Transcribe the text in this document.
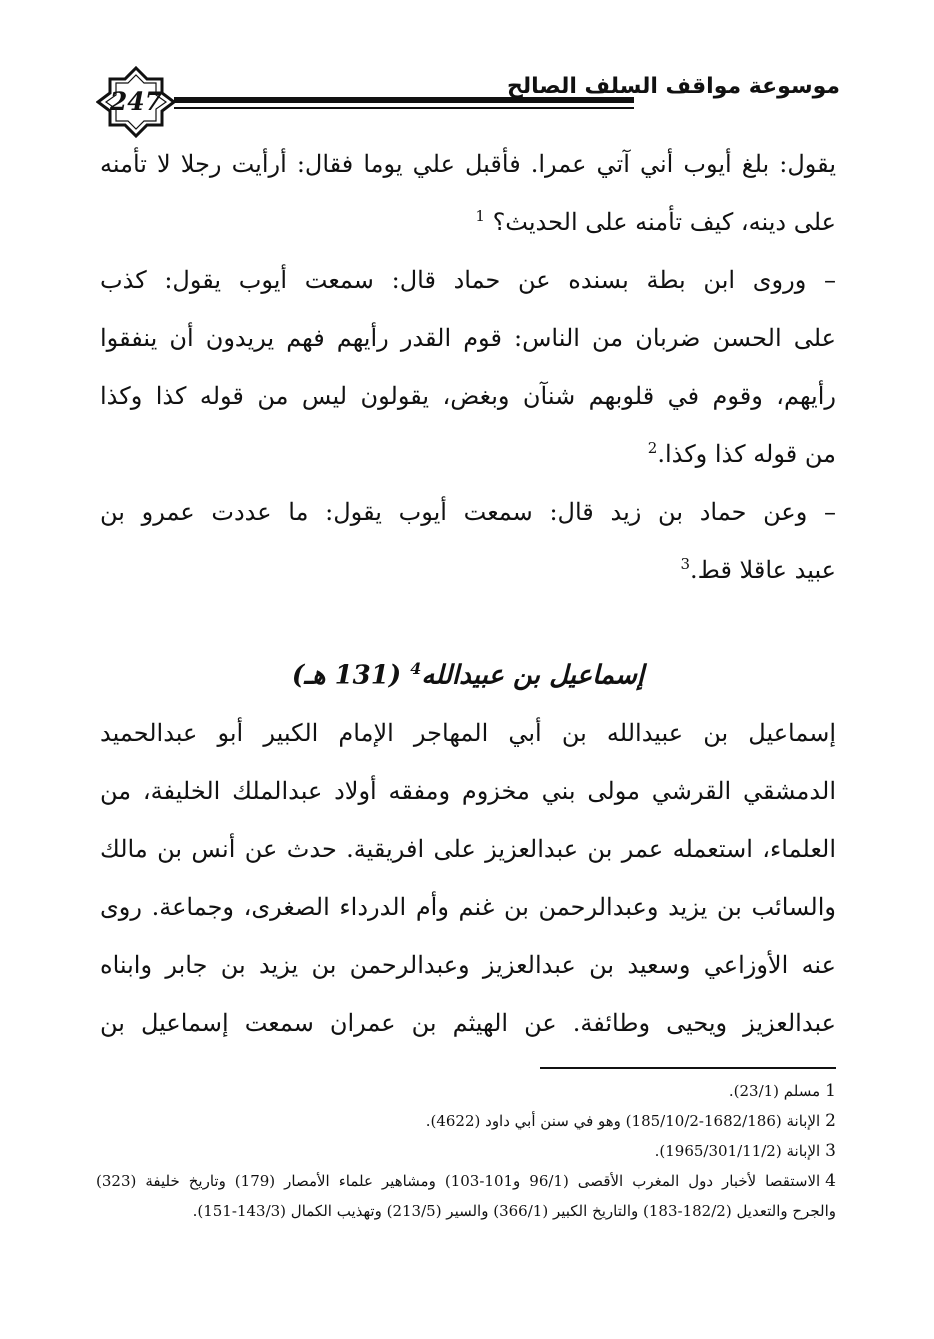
247
موسوعة مواقف السلف الصالح
يقول: بلغ أيوب أني آتي عمرا. فأقبل علي يوما فقال: أرأيت رجلا لا تأمنه
على دينه، كيف تأمنه على الحديث؟ $^1$
– وروى ابن بطة بسنده عن حماد قال: سمعت أيوب يقول: كذب
على الحسن ضربان من الناس: قوم القدر رأيهم فهم يريدون أن ينفقوا
رأيهم، وقوم في قلوبهم شنآن وبغض، يقولون ليس من قوله كذا وكذا
من قوله كذا وكذا.$^2$
– وعن حماد بن زيد قال: سمعت أيوب يقول: ما عددت عمرو بن
عبيد عاقلا قط.$^3$
إسماعيل بن عبيدالله$^4$ (131 هـ)
إسماعيل بن عبيدالله بن أبي المهاجر الإمام الكبير أبو عبدالحميد
الدمشقي القرشي مولى بني مخزوم ومفقه أولاد عبدالملك الخليفة، من
العلماء، استعمله عمر بن عبدالعزيز على افريقية. حدث عن أنس بن مالك
والسائب بن يزيد وعبدالرحمن بن غنم وأم الدرداء الصغرى، وجماعة. روى
عنه الأوزاعي وسعيد بن عبدالعزيز وعبدالرحمن بن يزيد بن جابر وابناه
عبدالعزيز ويحيى وطائفة. عن الهيثم بن عمران سمعت إسماعيل بن
1مسلم (23/1).
2الإبانة (1682/186-185/10/2) وهو في سنن أبي داود (4622).
3الإبانة (1965/301/11/2).
4الاستقصا لأخبار دول المغرب الأقصى (96/1 و101-103) ومشاهير علماء الأمصار (179) وتاريخ خليفة (323)
والجرح والتعديل (182/2-183) والتاريخ الكبير (366/1) والسير (213/5) وتهذيب الكمال (143/3-151).
